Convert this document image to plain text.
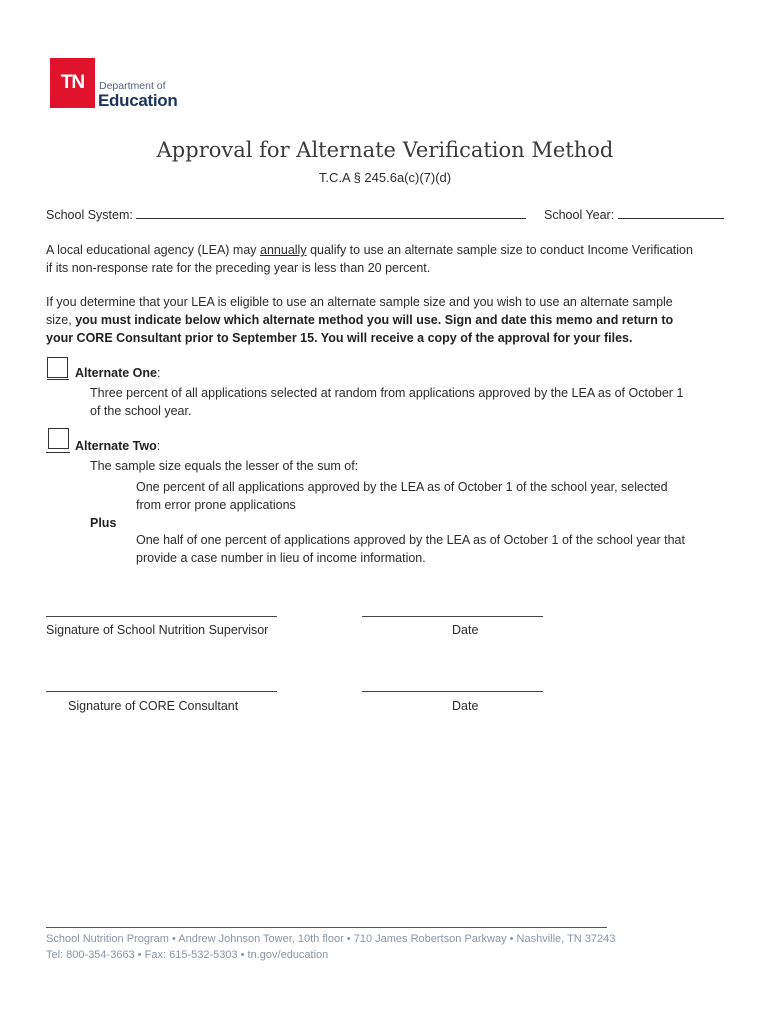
TN Department of
Education
Approval for Alternate Verification Method
T.C.A § 245.6a(c)(7)(d)
School System:	School Year:
A local educational agency (LEA) may annually qualify to use an alternate sample size to conduct Income Verification
if its non-response rate for the preceding year is less than 20 percent.
If you determine that your LEA is eligible to use an alternate sample size and you wish to use an alternate sample
size, you must indicate below which alternate method you will use. Sign and date this memo and return to
your CORE Consultant prior to September 15. You will receive a copy of the approval for your files.
Alternate One:
Three percent of all applications selected at random from applications approved by the LEA as of October 1
of the school year.
Alternate Two:
The sample size equals the lesser of the sum of:
One percent of all applications approved by the LEA as of October 1 of the school year, selected
from error prone applications
Plus
One half of one percent of applications approved by the LEA as of October 1 of the school year that
provide a case number in lieu of income information.
Signature of School Nutrition Supervisor	Date
Signature of CORE Consultant	Date
School Nutrition Program • Andrew Johnson Tower, 10th floor • 710 James Robertson Parkway • Nashville, TN 37243
Tel: 800-354-3663 • Fax: 615-532-5303 • tn.gov/education
